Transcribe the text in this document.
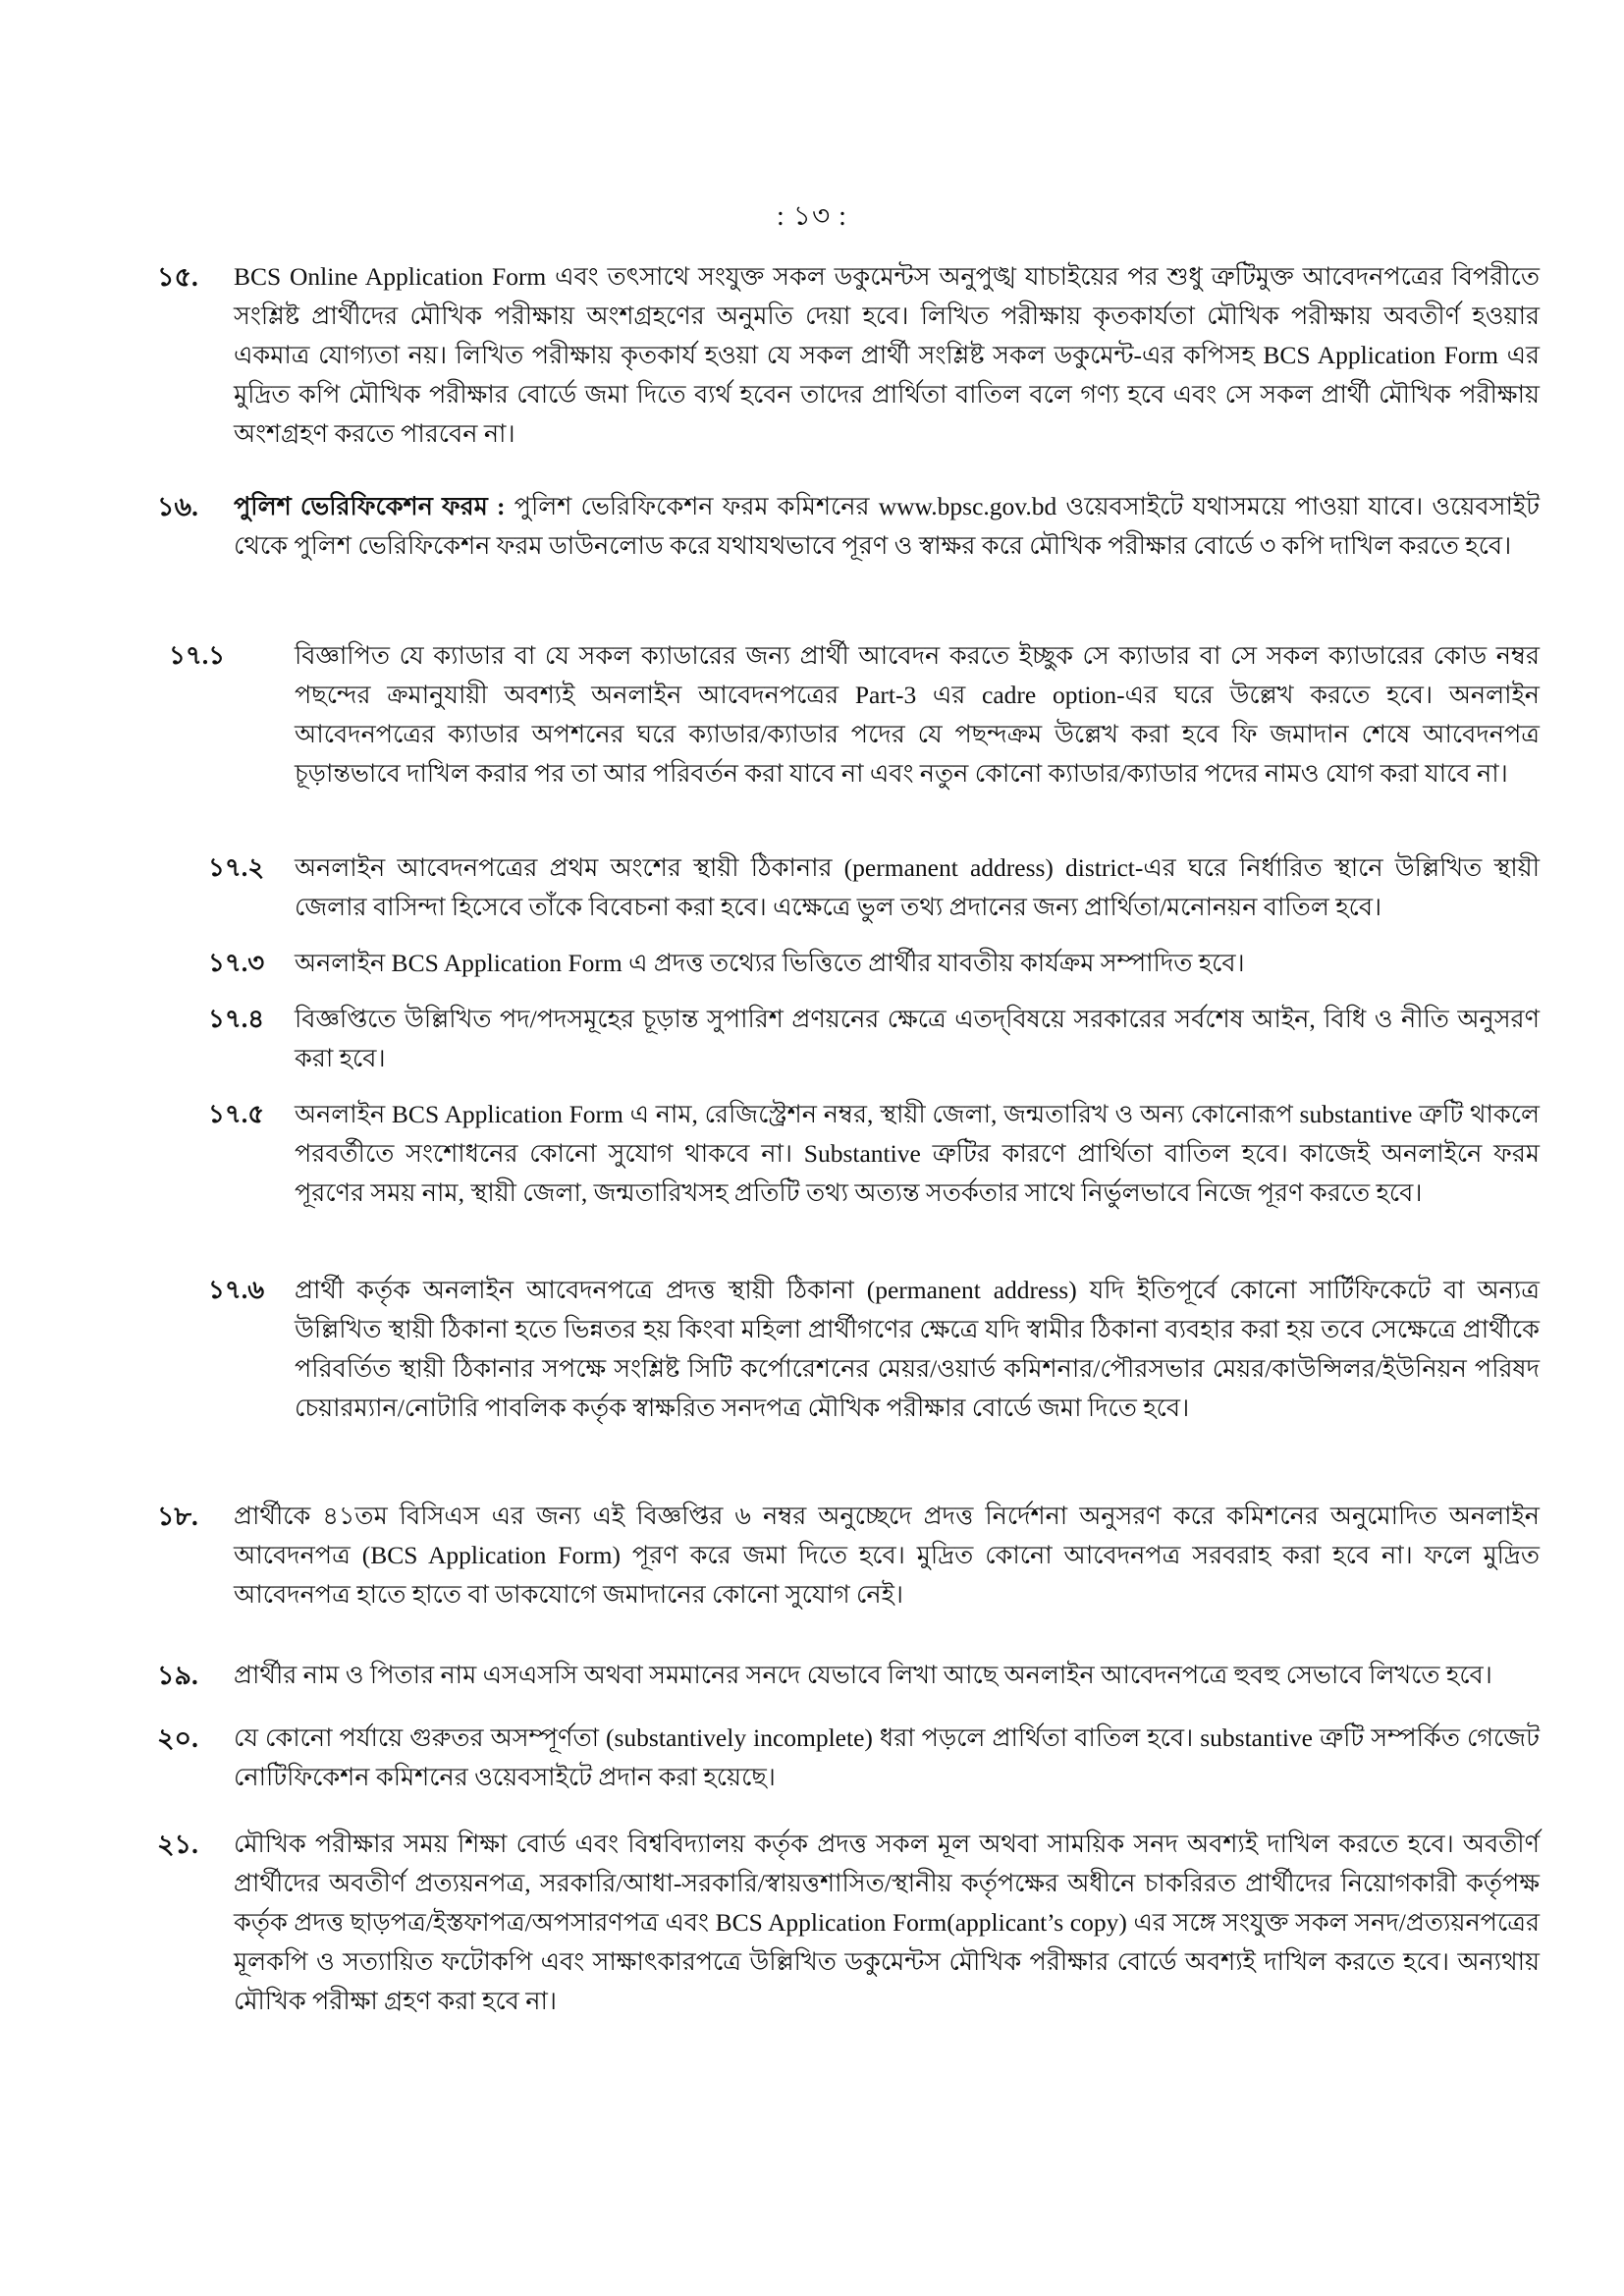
: ১৩ :
১৫. BCS Online Application Form এবং তৎসাথে সংযুক্ত সকল ডকুমেন্টস অনুপুঙ্খ যাচাইয়ের পর শুধু ত্রুটিমুক্ত আবেদনপত্রের বিপরীতে সংশ্লিষ্ট প্রার্থীদের মৌখিক পরীক্ষায় অংশগ্রহণের অনুমতি দেয়া হবে। লিখিত পরীক্ষায় কৃতকার্যতা মৌখিক পরীক্ষায় অবতীর্ণ হওয়ার একমাত্র যোগ্যতা নয়। লিখিত পরীক্ষায় কৃতকার্য হওয়া যে সকল প্রার্থী সংশ্লিষ্ট সকল ডকুমেন্ট-এর কপিসহ BCS Application Form এর মুদ্রিত কপি মৌখিক পরীক্ষার বোর্ডে জমা দিতে ব্যর্থ হবেন তাদের প্রার্থিতা বাতিল বলে গণ্য হবে এবং সে সকল প্রার্থী মৌখিক পরীক্ষায় অংশগ্রহণ করতে পারবেন না।
১৬. পুলিশ ভেরিফিকেশন ফরম : পুলিশ ভেরিফিকেশন ফরম কমিশনের www.bpsc.gov.bd ওয়েবসাইটে যথাসময়ে পাওয়া যাবে। ওয়েবসাইট থেকে পুলিশ ভেরিফিকেশন ফরম ডাউনলোড করে যথাযথভাবে পূরণ ও স্বাক্ষর করে মৌখিক পরীক্ষার বোর্ডে ৩ কপি দাখিল করতে হবে।
১৭.১	বিজ্ঞাপিত যে ক্যাডার বা যে সকল ক্যাডারের জন্য প্রার্থী আবেদন করতে ইচ্ছুক সে ক্যাডার বা সে সকল ক্যাডারের কোড নম্বর পছন্দের ক্রমানুযায়ী অবশ্যই অনলাইন আবেদনপত্রের Part-3 এর cadre option-এর ঘরে উল্লেখ করতে হবে। অনলাইন আবেদনপত্রের ক্যাডার অপশনের ঘরে ক্যাডার/ক্যাডার পদের যে পছন্দক্রম উল্লেখ করা হবে ফি জমাদান শেষে আবেদনপত্র চূড়ান্তভাবে দাখিল করার পর তা আর পরিবর্তন করা যাবে না এবং নতুন কোনো ক্যাডার/ক্যাডার পদের নামও যোগ করা যাবে না।
১৭.২ অনলাইন আবেদনপত্রের প্রথম অংশের স্থায়ী ঠিকানার (permanent address) district-এর ঘরে নির্ধারিত স্থানে উল্লিখিত স্থায়ী জেলার বাসিন্দা হিসেবে তাঁকে বিবেচনা করা হবে। এক্ষেত্রে ভুল তথ্য প্রদানের জন্য প্রার্থিতা/মনোনয়ন বাতিল হবে।
১৭.৩ অনলাইন BCS Application Form এ প্রদত্ত তথ্যের ভিত্তিতে প্রার্থীর যাবতীয় কার্যক্রম সম্পাদিত হবে।
১৭.৪ বিজ্ঞপ্তিতে উল্লিখিত পদ/পদসমূহের চূড়ান্ত সুপারিশ প্রণয়নের ক্ষেত্রে এতদ্‌বিষয়ে সরকারের সর্বশেষ আইন, বিধি ও নীতি অনুসরণ করা হবে।
১৭.৫ অনলাইন BCS Application Form এ নাম, রেজিস্ট্রেশন নম্বর, স্থায়ী জেলা, জন্মতারিখ ও অন্য কোনোরূপ substantive ত্রুটি থাকলে পরবর্তীতে সংশোধনের কোনো সুযোগ থাকবে না। Substantive ত্রুটির কারণে প্রার্থিতা বাতিল হবে। কাজেই অনলাইনে ফরম পূরণের সময় নাম, স্থায়ী জেলা, জন্মতারিখসহ প্রতিটি তথ্য অত্যন্ত সতর্কতার সাথে নির্ভুলভাবে নিজে পূরণ করতে হবে।
১৭.৬ প্রার্থী কর্তৃক অনলাইন আবেদনপত্রে প্রদত্ত স্থায়ী ঠিকানা (permanent address) যদি ইতিপূর্বে কোনো সার্টিফিকেটে বা অন্যত্র উল্লিখিত স্থায়ী ঠিকানা হতে ভিন্নতর হয় কিংবা মহিলা প্রার্থীগণের ক্ষেত্রে যদি স্বামীর ঠিকানা ব্যবহার করা হয় তবে সেক্ষেত্রে প্রার্থীকে পরিবর্তিত স্থায়ী ঠিকানার সপক্ষে সংশ্লিষ্ট সিটি কর্পোরেশনের মেয়র/ওয়ার্ড কমিশনার/পৌরসভার মেয়র/কাউন্সিলর/ইউনিয়ন পরিষদ চেয়ারম্যান/নোটারি পাবলিক কর্তৃক স্বাক্ষরিত সনদপত্র মৌখিক পরীক্ষার বোর্ডে জমা দিতে হবে।
১৮. প্রার্থীকে ৪১তম বিসিএস এর জন্য এই বিজ্ঞপ্তির ৬ নম্বর অনুচ্ছেদে প্রদত্ত নির্দেশনা অনুসরণ করে কমিশনের অনুমোদিত অনলাইন আবেদনপত্র (BCS Application Form) পূরণ করে জমা দিতে হবে। মুদ্রিত কোনো আবেদনপত্র সরবরাহ করা হবে না। ফলে মুদ্রিত আবেদনপত্র হাতে হাতে বা ডাকযোগে জমাদানের কোনো সুযোগ নেই।
১৯. প্রার্থীর নাম ও পিতার নাম এসএসসি অথবা সমমানের সনদে যেভাবে লিখা আছে অনলাইন আবেদনপত্রে হুবহু সেভাবে লিখতে হবে।
২০. যে কোনো পর্যায়ে গুরুতর অসম্পূর্ণতা (substantively incomplete) ধরা পড়লে প্রার্থিতা বাতিল হবে। substantive ত্রুটি সম্পর্কিত গেজেট নোটিফিকেশন কমিশনের ওয়েবসাইটে প্রদান করা হয়েছে।
২১. মৌখিক পরীক্ষার সময় শিক্ষা বোর্ড এবং বিশ্ববিদ্যালয় কর্তৃক প্রদত্ত সকল মূল অথবা সাময়িক সনদ অবশ্যই দাখিল করতে হবে। অবতীর্ণ প্রার্থীদের অবতীর্ণ প্রত্যয়নপত্র, সরকারি/আধা-সরকারি/স্বায়ত্তশাসিত/স্থানীয় কর্তৃপক্ষের অধীনে চাকরিরত প্রার্থীদের নিয়োগকারী কর্তৃপক্ষ কর্তৃক প্রদত্ত ছাড়পত্র/ইস্তফাপত্র/অপসারণপত্র এবং BCS Application Form(applicant’s copy) এর সঙ্গে সংযুক্ত সকল সনদ/প্রত্যয়নপত্রের মূলকপি ও সত্যায়িত ফটোকপি এবং সাক্ষাৎকারপত্রে উল্লিখিত ডকুমেন্টস মৌখিক পরীক্ষার বোর্ডে অবশ্যই দাখিল করতে হবে। অন্যথায় মৌখিক পরীক্ষা গ্রহণ করা হবে না।
